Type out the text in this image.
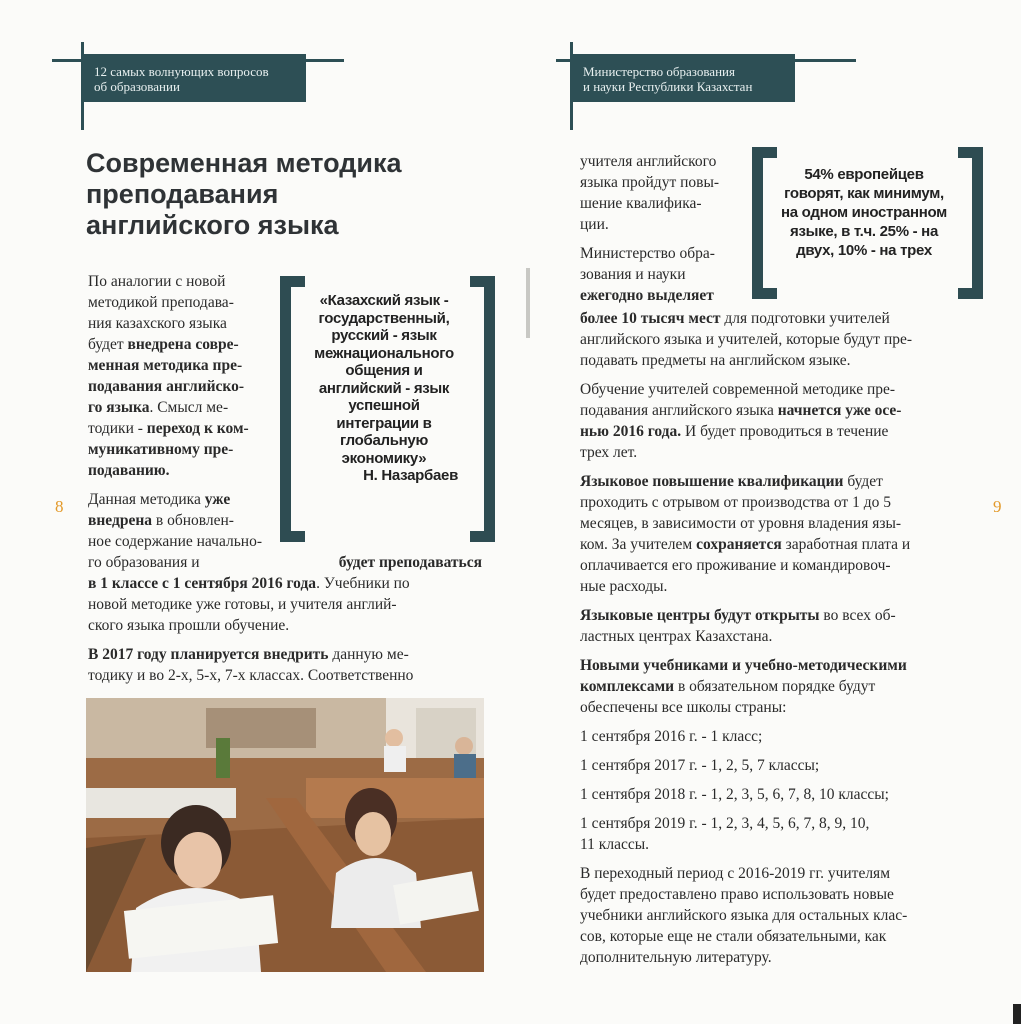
12 самых волнующих вопросов
об образовании
Министерство образования
и науки Республики Казахстан
Современная методика
преподавания
английского языка
По аналогии с новой
методикой преподава-
ния казахского языка
будет внедрена совре-
менная методика пре-
подавания английско-
го языка. Смысл ме-
тодики - переход к ком-
муникативному пре-
подаванию.
Данная методика уже
внедрена в обновлен-
ное содержание начально-
«Казахский язык -
государственный,
русский - язык
межнационального
общения и
английский - язык
успешной
интеграции в
глобальную
экономику»
Н. Назарбаев
го образования и	будет преподаваться
в 1 классе с 1 сентября 2016 года. Учебники по
новой методике уже готовы, и учителя англий-
ского языка прошли обучение.
В 2017 году планируется внедрить данную ме-
тодику и во 2-х, 5-х, 7-х классах. Соответственно
8	9
учителя английского
языка пройдут повы-
шение квалифика-
ции.
Министерство обра-
зования и науки
ежегодно выделяет
54% европейцев
говорят, как минимум,
на одном иностранном
языке, в т.ч. 25% - на
двух, 10% - на трех
более 10 тысяч мест для подготовки учителей
английского языка и учителей, которые будут пре-
подавать предметы на английском языке.
Обучение учителей современной методике пре-
подавания английского языка начнется уже осе-
нью 2016 года. И будет проводиться в течение
трех лет.
Языковое повышение квалификации будет
проходить с отрывом от производства от 1 до 5
месяцев, в зависимости от уровня владения язы-
ком. За учителем сохраняется заработная плата и
оплачивается его проживание и командировоч-
ные расходы.
Языковые центры будут открыты во всех об-
ластных центрах Казахстана.
Новыми учебниками и учебно-методическими
комплексами в обязательном порядке будут
обеспечены все школы страны:
1 сентября 2016 г. - 1 класс;
1 сентября 2017 г. - 1, 2, 5, 7 классы;
1 сентября 2018 г. - 1, 2, 3, 5, 6, 7, 8, 10 классы;
1 сентября 2019 г. - 1, 2, 3, 4, 5, 6, 7, 8, 9, 10,
11 классы.
В переходный период с 2016-2019 гг. учителям
будет предоставлено право использовать новые
учебники английского языка для остальных клас-
сов, которые еще не стали обязательными, как
дополнительную литературу.
